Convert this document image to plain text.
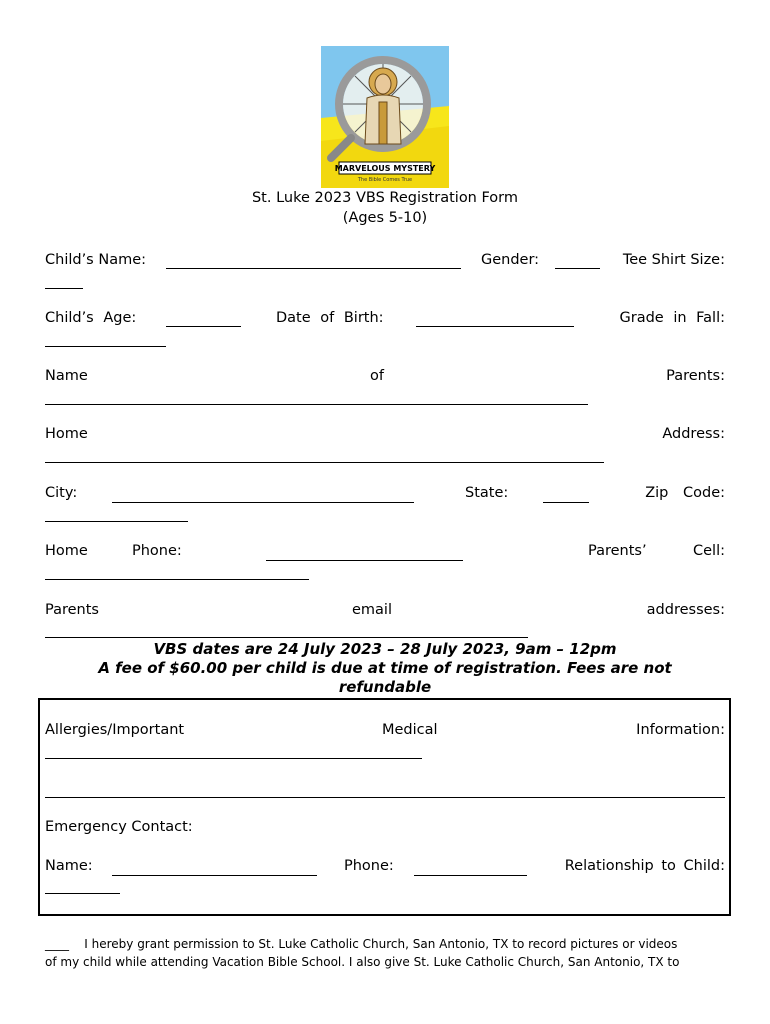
MARVELOUS MYSTERY
The Bible Comes True
St. Luke 2023 VBS Registration Form
(Ages 5-10)
Child’s Name:	Gender:	Tee Shirt Size:
Child’s Age:	Date of Birth:	Grade in Fall:
Name	of	Parents:
Home	Address:
City:	State:	Zip Code:
Home	Phone:	Parents’	Cell:
Parents	email	addresses:
VBS dates are 24 July 2023 – 28 July 2023, 9am – 12pm
A fee of $60.00 per child is due at time of registration. Fees are not
refundable
Allergies/Important	Medical	Information:
Emergency Contact:
Name:	Phone:	Relationship to Child:
____ I hereby grant permission to St. Luke Catholic Church, San Antonio, TX to record pictures or videos
of my child while attending Vacation Bible School. I also give St. Luke Catholic Church, San Antonio, TX to
